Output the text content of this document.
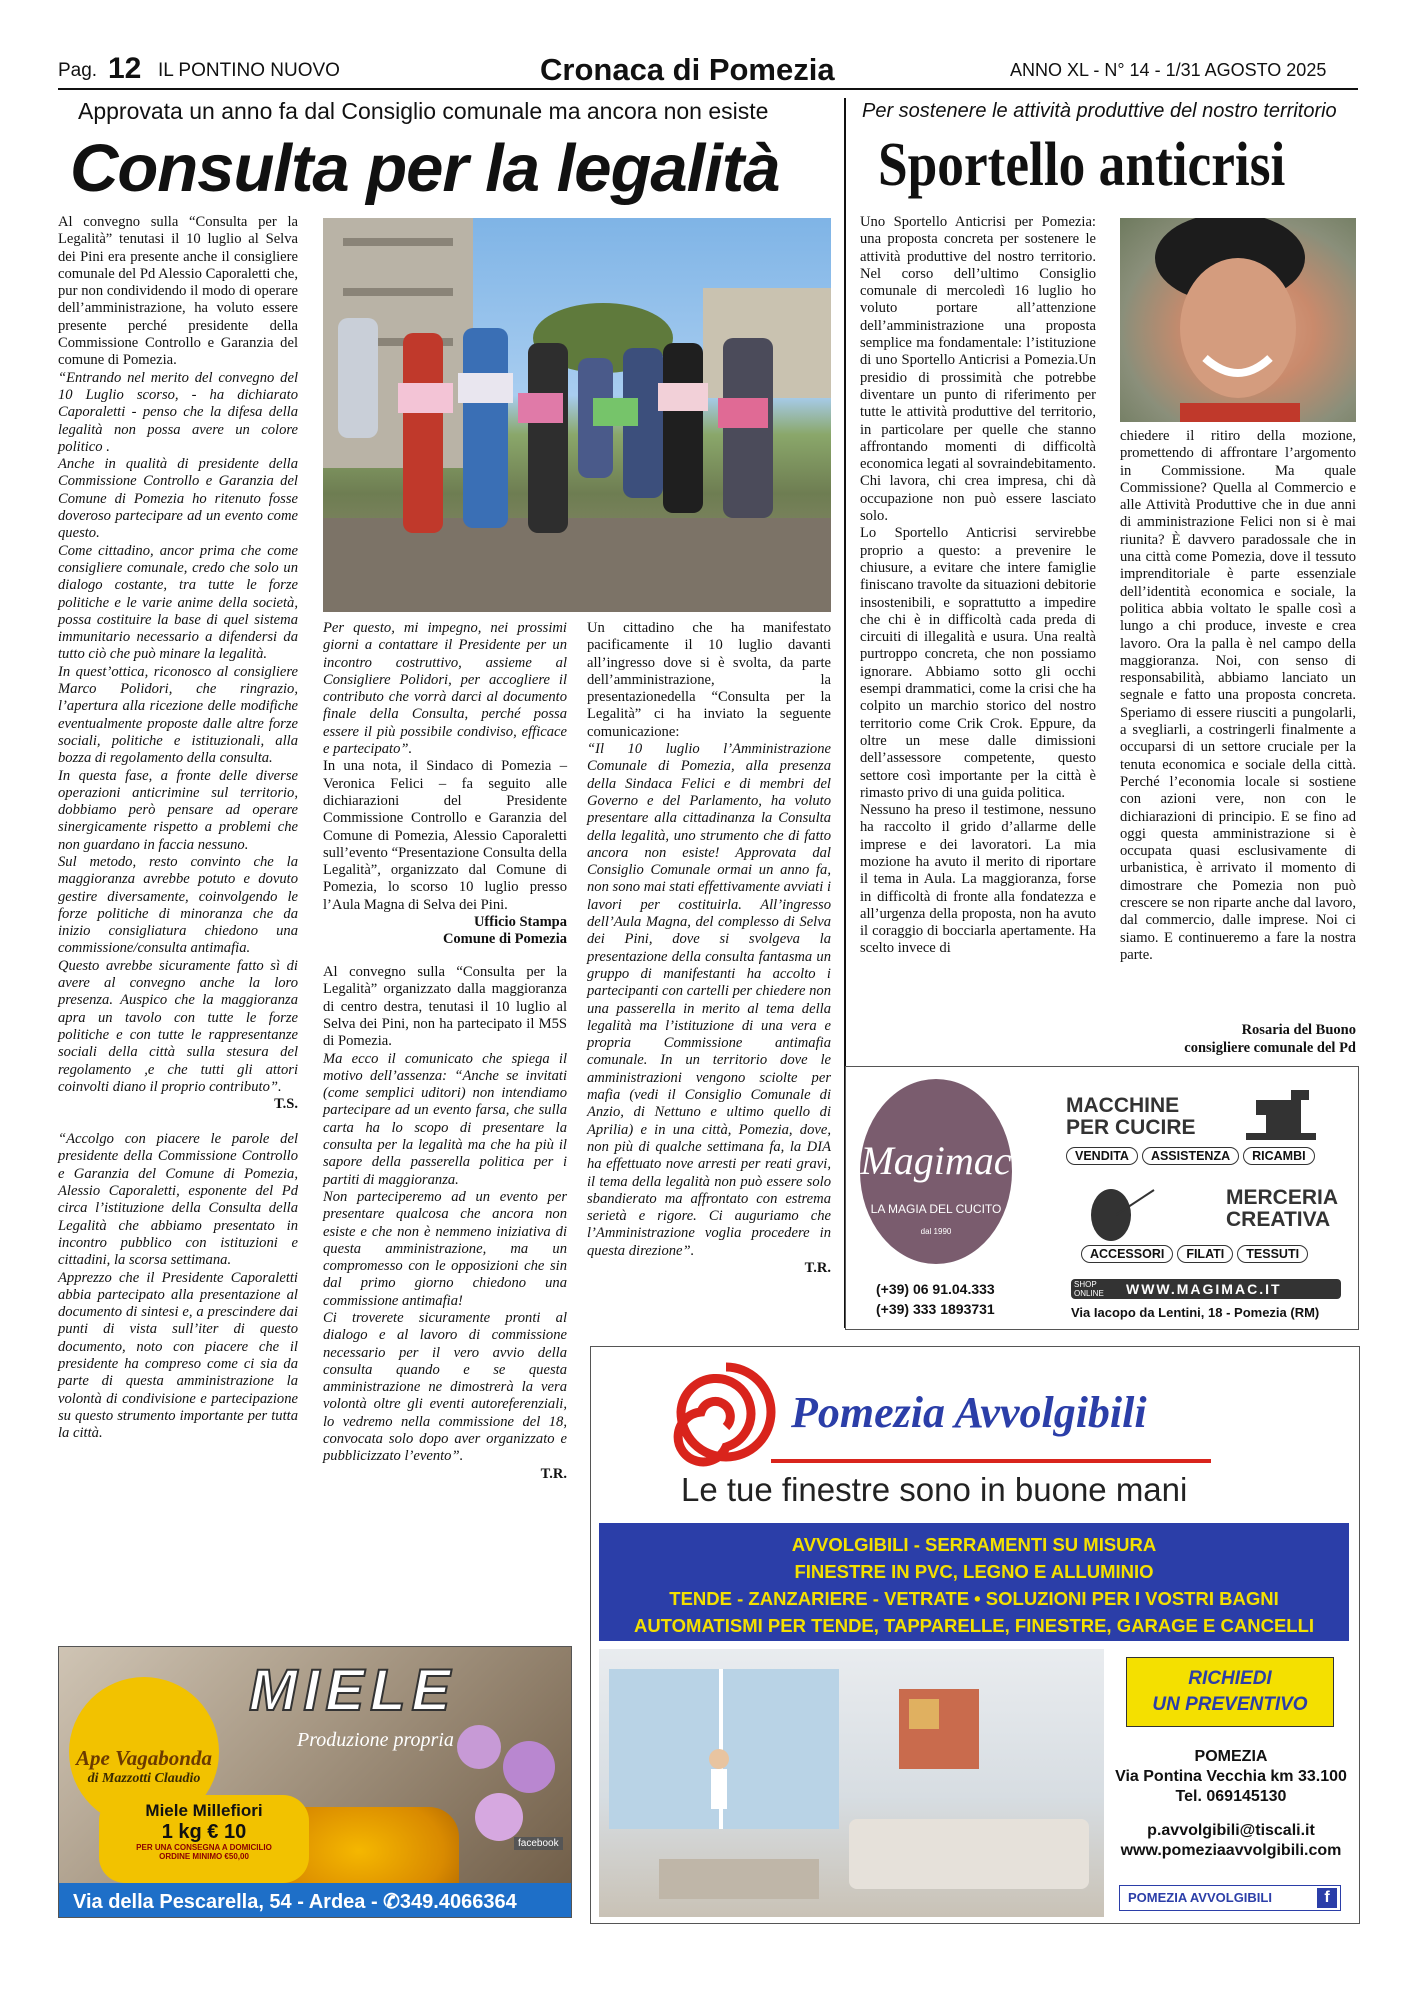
Pag. 12 IL PONTINO NUOVO	Cronaca di Pomezia	ANNO XL - N° 14 - 1/31 AGOSTO 2025
Approvata un anno fa dal Consiglio comunale ma ancora non esiste
Consulta per la legalità
Al convegno sulla “Consulta per la Legalità” tenutasi il 10 luglio al Selva dei Pini era presente anche il consigliere comunale del Pd Alessio Caporaletti che, pur non condividendo il modo di operare dell’amministrazione, ha voluto essere presente perché presidente della Commissione Controllo e Garanzia del comune di Pomezia.
“Entrando nel merito del convegno del 10 Luglio scorso, - ha dichiarato Caporaletti - penso che la difesa della legalità non possa avere un colore politico .
Anche in qualità di presidente della Commissione Controllo e Garanzia del Comune di Pomezia ho ritenuto fosse doveroso partecipare ad un evento come questo.
Come cittadino, ancor prima che come consigliere comunale, credo che solo un dialogo costante, tra tutte le forze politiche e le varie anime della società, possa costituire la base di quel sistema immunitario necessario a difendersi da tutto ciò che può minare la legalità.
In quest’ottica, riconosco al consigliere Marco Polidori, che ringrazio, l’apertura alla ricezione delle modifiche eventualmente proposte dalle altre forze sociali, politiche e istituzionali, alla bozza di regolamento della consulta.
In questa fase, a fronte delle diverse operazioni anticrimine sul territorio, dobbiamo però pensare ad operare sinergicamente rispetto a problemi che non guardano in faccia nessuno.
Sul metodo, resto convinto che la maggioranza avrebbe potuto e dovuto gestire diversamente, coinvolgendo le forze politiche di minoranza che da inizio consigliatura chiedono una commissione/consulta antimafia.
Questo avrebbe sicuramente fatto sì di avere al convegno anche la loro presenza. Auspico che la maggioranza apra un tavolo con tutte le forze politiche e con tutte le rappresentanze sociali della città sulla stesura del regolamento ,e che tutti gli attori coinvolti diano il proprio contributo”.
T.S.
“Accolgo con piacere le parole del presidente della Commissione Controllo e Garanzia del Comune di Pomezia, Alessio Caporaletti, esponente del Pd circa l’istituzione della Consulta della Legalità che abbiamo presentato in incontro pubblico con istituzioni e cittadini, la scorsa settimana.
Apprezzo che il Presidente Caporaletti abbia partecipato alla presentazione al documento di sintesi e, a prescindere dai punti di vista sull’iter di questo documento, noto con piacere che il presidente ha compreso come ci sia da parte di questa amministrazione la volontà di condivisione e partecipazione su questo strumento importante per tutta la città.
Per questo, mi impegno, nei prossimi giorni a contattare il Presidente per un incontro costruttivo, assieme al Consigliere Polidori, per accogliere il contributo che vorrà darci al documento finale della Consulta, perché possa essere il più possibile condiviso, efficace e partecipato”.
In una nota, il Sindaco di Pomezia – Veronica Felici – fa seguito alle dichiarazioni del Presidente Commissione Controllo e Garanzia del Comune di Pomezia, Alessio Caporaletti sull’evento “Presentazione Consulta della Legalità”, organizzato dal Comune di Pomezia, lo scorso 10 luglio presso l’Aula Magna di Selva dei Pini.
Ufficio Stampa
Comune di Pomezia
Al convegno sulla “Consulta per la Legalità” organizzato dalla maggioranza di centro destra, tenutasi il 10 luglio al Selva dei Pini, non ha partecipato il M5S di Pomezia.
Ma ecco il comunicato che spiega il motivo dell’assenza: “Anche se invitati (come semplici uditori) non intendiamo partecipare ad un evento farsa, che sulla carta ha lo scopo di presentare la consulta per la legalità ma che ha più il sapore della passerella politica per i partiti di maggioranza.
Non parteciperemo ad un evento per presentare qualcosa che ancora non esiste e che non è nemmeno iniziativa di questa amministrazione, ma un compromesso con le opposizioni che sin dal primo giorno chiedono una commissione antimafia!
Ci troverete sicuramente pronti al dialogo e al lavoro di commissione necessario per il vero avvio della consulta quando e se questa amministrazione ne dimostrerà la vera volontà oltre gli eventi autoreferenziali, lo vedremo nella commissione del 18, convocata solo dopo aver organizzato e pubblicizzato l’evento”.
T.R.
Un cittadino che ha manifestato pacificamente il 10 luglio davanti all’ingresso dove si è svolta, da parte dell’amministrazione, la presentazionedella “Consulta per la Legalità” ci ha inviato la seguente comunicazione:
“Il 10 luglio l’Amministrazione Comunale di Pomezia, alla presenza della Sindaca Felici e di membri del Governo e del Parlamento, ha voluto presentare alla cittadinanza la Consulta della legalità, uno strumento che di fatto ancora non esiste! Approvata dal Consiglio Comunale ormai un anno fa, non sono mai stati effettivamente avviati i lavori per costituirla. All’ingresso dell’Aula Magna, del complesso di Selva dei Pini, dove si svolgeva la presentazione della consulta fantasma un gruppo di manifestanti ha accolto i partecipanti con cartelli per chiedere non una passerella in merito al tema della legalità ma l’istituzione di una vera e propria Commissione antimafia comunale. In un territorio dove le amministrazioni vengono sciolte per mafia (vedi il Consiglio Comunale di Anzio, di Nettuno e ultimo quello di Aprilia) e in una città, Pomezia, dove, non più di qualche settimana fa, la DIA ha effettuato nove arresti per reati gravi, il tema della legalità non può essere solo sbandierato ma affrontato con estrema serietà e rigore. Ci auguriamo che l’Amministrazione voglia procedere in questa direzione”.
T.R.
Per sostenere le attività produttive del nostro territorio
Sportello anticrisi
Uno Sportello Anticrisi per Pomezia: una proposta concreta per sostenere le attività produttive del nostro territorio. Nel corso dell’ultimo Consiglio comunale di mercoledì 16 luglio ho voluto portare all’attenzione dell’amministrazione una proposta semplice ma fondamentale: l’istituzione di uno Sportello Anticrisi a Pomezia.Un presidio di prossimità che potrebbe diventare un punto di riferimento per tutte le attività produttive del territorio, in particolare per quelle che stanno affrontando momenti di difficoltà economica legati al sovraindebitamento. Chi lavora, chi crea impresa, chi dà occupazione non può essere lasciato solo.
Lo Sportello Anticrisi servirebbe proprio a questo: a prevenire le chiusure, a evitare che intere famiglie finiscano travolte da situazioni debitorie insostenibili, e soprattutto a impedire che chi è in difficoltà cada preda di circuiti di illegalità e usura. Una realtà purtroppo concreta, che non possiamo ignorare. Abbiamo sotto gli occhi esempi drammatici, come la crisi che ha colpito un marchio storico del nostro territorio come Crik Crok. Eppure, da oltre un mese dalle dimissioni dell’assessore competente, questo settore così importante per la città è rimasto privo di una guida politica.
Nessuno ha preso il testimone, nessuno ha raccolto il grido d’allarme delle imprese e dei lavoratori. La mia mozione ha avuto il merito di riportare il tema in Aula. La maggioranza, forse in difficoltà di fronte alla fondatezza e all’urgenza della proposta, non ha avuto il coraggio di bocciarla apertamente. Ha scelto invece di
chiedere il ritiro della mozione, promettendo di affrontare l’argomento in Commissione. Ma quale Commissione? Quella al Commercio e alle Attività Produttive che in due anni di amministrazione Felici non si è mai riunita? È davvero paradossale che in una città come Pomezia, dove il tessuto imprenditoriale è parte essenziale dell’identità economica e sociale, la politica abbia voltato le spalle così a lungo a chi produce, investe e crea lavoro. Ora la palla è nel campo della maggioranza. Noi, con senso di responsabilità, abbiamo lanciato un segnale e fatto una proposta concreta. Speriamo di essere riusciti a pungolarli, a svegliarli, a costringerli finalmente a occuparsi di un settore cruciale per la tenuta economica e sociale della città. Perché l’economia locale si sostiene con azioni vere, non con le dichiarazioni di principio. E se fino ad oggi questa amministrazione si è occupata quasi esclusivamente di urbanistica, è arrivato il momento di dimostrare che Pomezia non può crescere se non riparte anche dal lavoro, dal commercio, dalle imprese. Noi ci siamo. E continueremo a fare la nostra parte.
Rosaria del Buono
consigliere comunale del Pd
Magimac
LA MAGIA DEL CUCITO
dal 1990
MACCHINE PER CUCIRE
VENDITA ASSISTENZA RICAMBI
MERCERIA CREATIVA
ACCESSORI FILATI TESSUTI
(+39) 06 91.04.333
(+39) 333 1893731
SHOP ONLINE	WWW.MAGIMAC.IT
Via Iacopo da Lentini, 18 - Pomezia (RM)
Pomezia Avvolgibili
Le tue finestre sono in buone mani
AVVOLGIBILI - SERRAMENTI SU MISURA
FINESTRE IN PVC, LEGNO E ALLUMINIO
TENDE - ZANZARIERE - VETRATE • SOLUZIONI PER I VOSTRI BAGNI
AUTOMATISMI PER TENDE, TAPPARELLE, FINESTRE, GARAGE E CANCELLI
RICHIEDI
UN PREVENTIVO
POMEZIA
Via Pontina Vecchia km 33.100
Tel. 069145130
p.avvolgibili@tiscali.it
www.pomeziaavvolgibili.com
POMEZIA AVVOLGIBILI	f
MIELE
Produzione propria
Ape Vagabonda
di Mazzotti Claudio
Miele Millefiori
1 kg € 10
PER UNA CONSEGNA A DOMICILIO
ORDINE MINIMO €50,00
facebook
Via della Pescarella, 54 - Ardea - ✆349.4066364
